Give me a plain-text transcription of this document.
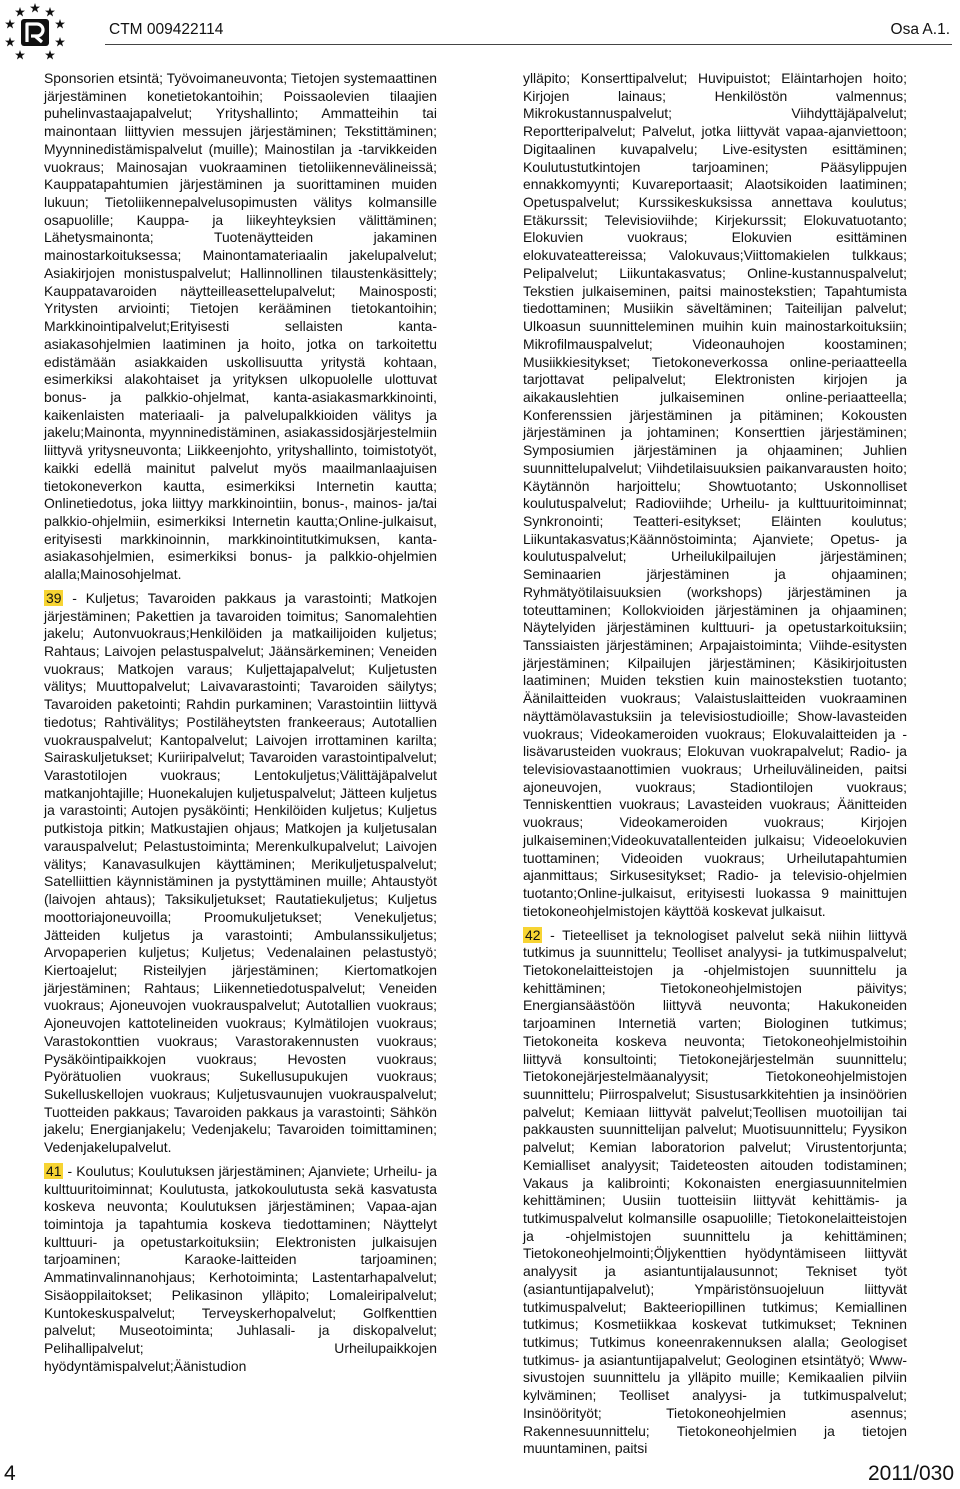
CTM 009422114	Osa A.1.

Sponsorien etsintä; Työvoimaneuvonta; Tietojen systemaattinen järjestäminen konetietokantoihin; Poissaolevien tilaajien puhelinvastaajapalvelut; Yrityshallinto; Ammatteihin tai mainontaan liittyvien messujen järjestäminen; Tekstittäminen; Myynninedistämispalvelut (muille); Mainostilan ja -tarvikkeiden vuokraus; Mainosajan vuokraaminen tietoliikennevälineissä; Kauppatapahtumien järjestäminen ja suorittaminen muiden lukuun; Tietoliikennepalvelusopimusten välitys kolmansille osapuolille; Kauppa- ja liikeyhteyksien välittäminen; Lähetysmainonta; Tuotenäytteiden jakaminen mainostarkoituksessa; Mainontamateriaalin jakelupalvelut; Asiakirjojen monistuspalvelut; Hallinnollinen tilaustenkäsittely; Kauppatavaroiden näytteilleasettelupalvelut; Mainosposti; Yritysten arviointi; Tietojen kerääminen tietokantoihin; Markkinointipalvelut;Erityisesti sellaisten kanta-asiakasohjelmien laatiminen ja hoito, jotka on tarkoitettu edistämään asiakkaiden uskollisuutta yritystä kohtaan, esimerkiksi alakohtaiset ja yrityksen ulkopuolelle ulottuvat bonus- ja palkkio-ohjelmat, kanta-asiakasmarkkinointi, kaikenlaisten materiaali- ja palvelupalkkioiden välitys ja jakelu;Mainonta, myynninedistäminen, asiakassidosjärjestelmiin liittyvä yritysneuvonta; Liikkeenjohto, yrityshallinto, toimistotyöt, kaikki edellä mainitut palvelut myös maailmanlaajuisen tietokoneverkon kautta, esimerkiksi Internetin kautta; Onlinetiedotus, joka liittyy markkinointiin, bonus-, mainos- ja/tai palkkio-ohjelmiin, esimerkiksi Internetin kautta;Online-julkaisut, erityisesti markkinoinnin, markkinointitutkimuksen, kanta-asiakasohjelmien, esimerkiksi bonus- ja palkkio-ohjelmien alalla;Mainosohjelmat.

39 - Kuljetus; Tavaroiden pakkaus ja varastointi; Matkojen järjestäminen; Pakettien ja tavaroiden toimitus; Sanomalehtien jakelu; Autonvuokraus;Henkilöiden ja matkailijoiden kuljetus; Rahtaus; Laivojen pelastuspalvelut; Jäänsärkeminen; Veneiden vuokraus; Matkojen varaus; Kuljettajapalvelut; Kuljetusten välitys; Muuttopalvelut; Laivavarastointi; Tavaroiden säilytys; Tavaroiden paketointi; Rahdin purkaminen; Varastointiin liittyvä tiedotus; Rahtivälitys; Postiläheytsten frankeeraus; Autotallien vuokrauspalvelut; Kantopalvelut; Laivojen irrottaminen karilta; Sairaskuljetukset; Kuriiripalvelut; Tavaroiden varastointipalvelut; Varastotilojen vuokraus; Lentokuljetus;Välittäjäpalvelut matkanjohtajille; Huonekalujen kuljetuspalvelut; Jätteen kuljetus ja varastointi; Autojen pysäköinti; Henkilöiden kuljetus; Kuljetus putkistoja pitkin; Matkustajien ohjaus; Matkojen ja kuljetusalan varauspalvelut; Pelastustoiminta; Merenkulkupalvelut; Laivojen välitys; Kanavasulkujen käyttäminen; Merikuljetuspalvelut; Satelliittien käynnistäminen ja pystyttäminen muille; Ahtaustyöt (laivojen ahtaus); Taksikuljetukset; Rautatiekuljetus; Kuljetus moottoriajoneuvoilla; Proomukuljetukset; Venekuljetus; Jätteiden kuljetus ja varastointi; Ambulanssikuljetus; Arvopaperien kuljetus; Kuljetus; Vedenalainen pelastustyö; Kiertoajelut; Risteilyjen järjestäminen; Kiertomatkojen järjestäminen; Rahtaus; Liikennetiedotuspalvelut; Veneiden vuokraus; Ajoneuvojen vuokrauspalvelut; Autotallien vuokraus; Ajoneuvojen kattotelineiden vuokraus; Kylmätilojen vuokraus; Varastokonttien vuokraus; Varastorakennusten vuokraus; Pysäköintipaikkojen vuokraus; Hevosten vuokraus; Pyörätuolien vuokraus; Sukellusupukujen vuokraus; Sukelluskellojen vuokraus; Kuljetusvaunujen vuokrauspalvelut; Tuotteiden pakkaus; Tavaroiden pakkaus ja varastointi; Sähkön jakelu; Energianjakelu; Vedenjakelu; Tavaroiden toimittaminen; Vedenjakelupalvelut.

41 - Koulutus; Koulutuksen järjestäminen; Ajanviete; Urheilu- ja kulttuuritoiminnat; Koulutusta, jatkokoulutusta sekä kasvatusta koskeva neuvonta; Koulutuksen järjestäminen; Vapaa-ajan toimintoja ja tapahtumia koskeva tiedottaminen; Näyttelyt kulttuuri- ja opetustarkoituksiin; Elektronisten julkaisujen tarjoaminen; Karaoke-laitteiden tarjoaminen; Ammatinvalinnanohjaus; Kerhotoiminta; Lastentarhapalvelut; Sisäoppilaitokset; Pelikasinon ylläpito; Lomaleiripalvelut; Kuntokeskuspalvelut; Terveyskerhopalvelut; Golfkenttien palvelut; Museotoiminta; Juhlasali- ja diskopalvelut; Pelihallipalvelut; Urheilupaikkojen hyödyntämispalvelut;Äänistudion

ylläpito; Konserttipalvelut; Huvipuistot; Eläintarhojen hoito; Kirjojen lainaus; Henkilöstön valmennus; Mikrokustannuspalvelut; Viihdyttäjäpalvelut; Reportteripalvelut; Palvelut, jotka liittyvät vapaa-ajanviettoon; Digitaalinen kuvapalvelu; Live-esitysten esittäminen; Koulutustutkintojen tarjoaminen; Pääsylippujen ennakkomyynti; Kuvareportaasit; Alaotsikoiden laatiminen; Opetuspalvelut; Kurssikeskuksissa annettava koulutus; Etäkurssit; Televisioviihde; Kirjekurssit; Elokuvatuotanto; Elokuvien vuokraus; Elokuvien esittäminen elokuvateattereissa; Valokuvaus;Viittomakielen tulkkaus; Pelipalvelut; Liikuntakasvatus; Online-kustannuspalvelut; Tekstien julkaiseminen, paitsi mainostekstien; Tapahtumista tiedottaminen; Musiikin säveltäminen; Taiteilijan palvelut; Ulkoasun suunnitteleminen muihin kuin mainostarkoituksiin; Mikrofilmauspalvelut; Videonauhojen koostaminen; Musiikkiesitykset; Tietokoneverkossa online-periaatteella tarjottavat pelipalvelut; Elektronisten kirjojen ja aikakauslehtien julkaiseminen online-periaatteella; Konferenssien järjestäminen ja pitäminen; Kokousten järjestäminen ja johtaminen; Konserttien järjestäminen; Symposiumien järjestäminen ja ohjaaminen; Juhlien suunnittelupalvelut; Viihdetilaisuuksien paikanvarausten hoito; Käytännön harjoittelu; Showtuotanto; Uskonnolliset koulutuspalvelut; Radioviihde; Urheilu- ja kulttuuritoiminnat; Synkronointi; Teatteri-esitykset; Eläinten koulutus; Liikuntakasvatus;Käännöstoiminta; Ajanviete; Opetus- ja koulutuspalvelut; Urheilukilpailujen järjestäminen; Seminaarien järjestäminen ja ohjaaminen; Ryhmätyötilaisuuksien (workshops) järjestäminen ja toteuttaminen; Kollokvioiden järjestäminen ja ohjaaminen; Näytelyiden järjestäminen kulttuuri- ja opetustarkoituksiin; Tanssiaisten järjestäminen; Arpajaistoiminta; Viihde-esitysten järjestäminen; Kilpailujen järjestäminen; Käsikirjoitusten laatiminen; Muiden tekstien kuin mainostekstien tuotanto; Äänilaitteiden vuokraus; Valaistuslaitteiden vuokraaminen näyttämölavastuksiin ja televisiostudioille; Show-lavasteiden vuokraus; Videokameroiden vuokraus; Elokuvalaitteiden ja -lisävarusteiden vuokraus; Elokuvan vuokrapalvelut; Radio- ja televisiovastaanottimien vuokraus; Urheiluvälineiden, paitsi ajoneuvojen, vuokraus; Stadiontilojen vuokraus; Tenniskenttien vuokraus; Lavasteiden vuokraus; Äänitteiden vuokraus; Videokameroiden vuokraus; Kirjojen julkaiseminen;Videokuvatallenteiden julkaisu; Videoelokuvien tuottaminen; Videoiden vuokraus; Urheilutapahtumien ajanmittaus; Sirkusesitykset; Radio- ja televisio-ohjelmien tuotanto;Online-julkaisut, erityisesti luokassa 9 mainittujen tietokoneohjelmistojen käyttöä koskevat julkaisut.

42 - Tieteelliset ja teknologiset palvelut sekä niihin liittyvä tutkimus ja suunnittelu; Teolliset analyysi- ja tutkimuspalvelut; Tietokonelaitteistojen ja -ohjelmistojen suunnittelu ja kehittäminen; Tietokoneohjelmistojen päivitys; Energiansäästöön liittyvä neuvonta; Hakukoneiden tarjoaminen Internetiä varten; Biologinen tutkimus; Tietokoneita koskeva neuvonta; Tietokoneohjelmistoihin liittyvä konsultointi; Tietokonejärjestelmän suunnittelu; Tietokonejärjestelmäanalyysit; Tietokoneohjelmistojen suunnittelu; Piirrospalvelut; Sisustusarkkitehtien ja insinöörien palvelut; Kemiaan liittyvät palvelut;Teollisen muotoilijan tai pakkausten suunnittelijan palvelut; Muotisuunnittelu; Fyysikon palvelut; Kemian laboratorion palvelut; Virustentorjunta; Kemialliset analyysit; Taideteosten aitouden todistaminen; Vakaus ja kalibrointi; Kokonaisten energiasuunnitelmien kehittäminen; Uusiin tuotteisiin liittyvät kehittämis- ja tutkimuspalvelut kolmansille osapuolille; Tietokonelaitteistojen ja -ohjelmistojen suunnittelu ja kehittäminen; Tietokoneohjelmointi;Öljykenttien hyödyntämiseen liittyvät analyysit ja asiantuntijalausunnot; Tekniset työt (asiantuntijapalvelut); Ympäristönsuojeluun liittyvät tutkimuspalvelut; Bakteeriopillinen tutkimus; Kemiallinen tutkimus; Kosmetiikkaa koskevat tutkimukset; Tekninen tutkimus; Tutkimus koneenrakennuksen alalla; Geologiset tutkimus- ja asiantuntijapalvelut; Geologinen etsintätyö; Www-sivustojen suunnittelu ja ylläpito muille; Kemikaalien pilviin kylväminen; Teolliset analyysi- ja tutkimuspalvelut; Insinöörityöt; Tietokoneohjelmien asennus; Rakennesuunnittelu; Tietokoneohjelmien ja tietojen muuntaminen, paitsi

4	2011/030
